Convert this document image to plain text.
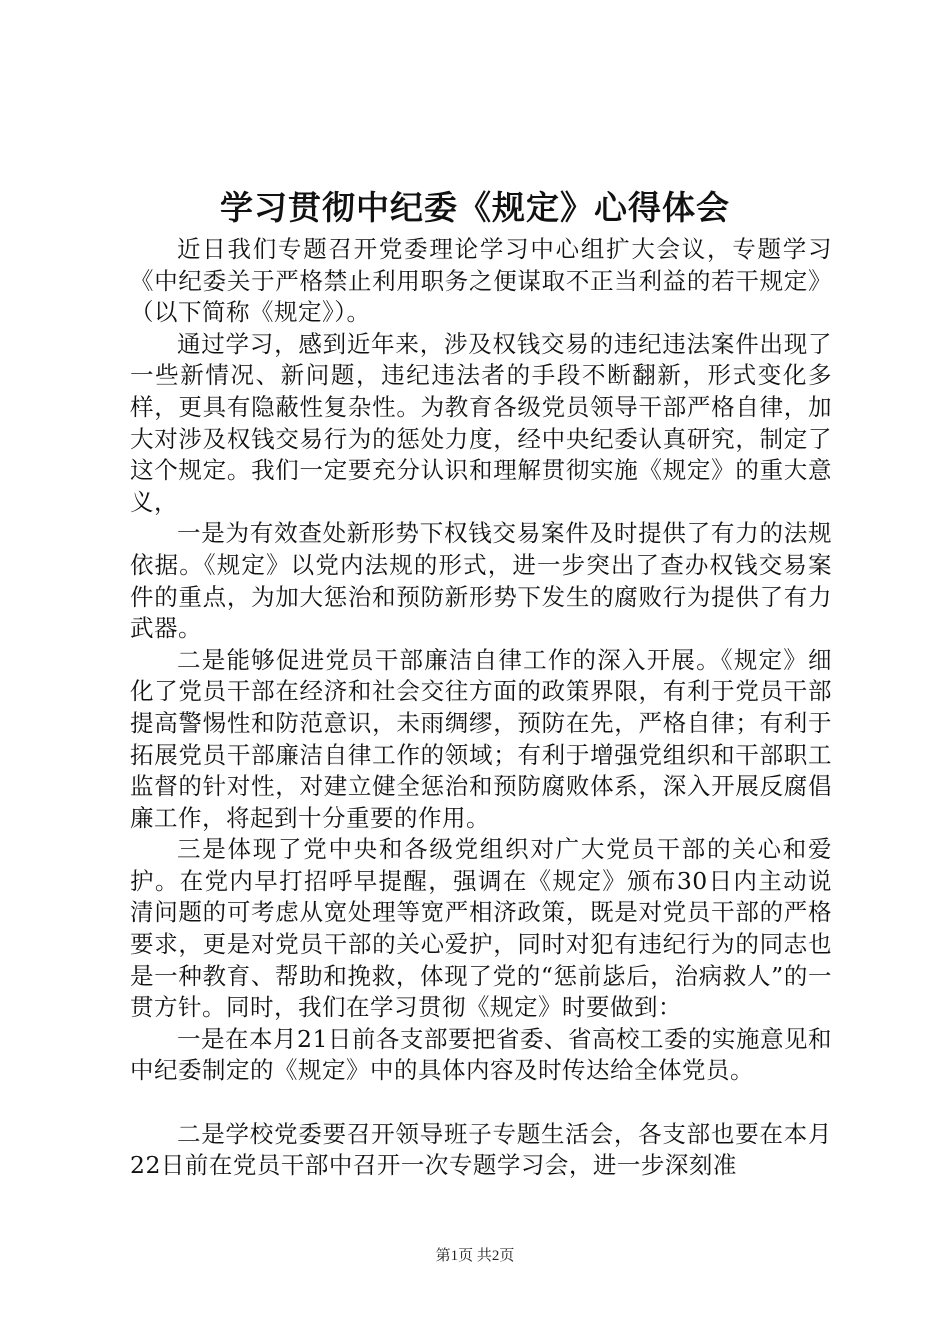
学习贯彻中纪委《规定》心得体会

近日我们专题召开党委理论学习中心组扩大会议，专题学习《中纪委关于严格禁止利用职务之便谋取不正当利益的若干规定》（以下简称《规定》）。

通过学习，感到近年来，涉及权钱交易的违纪违法案件出现了一些新情况、新问题，违纪违法者的手段不断翻新，形式变化多样，更具有隐蔽性复杂性。为教育各级党员领导干部严格自律，加大对涉及权钱交易行为的惩处力度，经中央纪委认真研究，制定了这个规定。我们一定要充分认识和理解贯彻实施《规定》的重大意义，

一是为有效查处新形势下权钱交易案件及时提供了有力的法规依据。《规定》以党内法规的形式，进一步突出了查办权钱交易案件的重点，为加大惩治和预防新形势下发生的腐败行为提供了有力武器。

二是能够促进党员干部廉洁自律工作的深入开展。《规定》细化了党员干部在经济和社会交往方面的政策界限，有利于党员干部提高警惕性和防范意识，未雨绸缪，预防在先，严格自律；有利于拓展党员干部廉洁自律工作的领域；有利于增强党组织和干部职工监督的针对性，对建立健全惩治和预防腐败体系，深入开展反腐倡廉工作，将起到十分重要的作用。

三是体现了党中央和各级党组织对广大党员干部的关心和爱护。在党内早打招呼早提醒，强调在《规定》颁布30日内主动说清问题的可考虑从宽处理等宽严相济政策，既是对党员干部的严格要求，更是对党员干部的关心爱护，同时对犯有违纪行为的同志也是一种教育、帮助和挽救，体现了党的“惩前毖后，治病救人”的一贯方针。同时，我们在学习贯彻《规定》时要做到：

一是在本月21日前各支部要把省委、省高校工委的实施意见和中纪委制定的《规定》中的具体内容及时传达给全体党员。

二是学校党委要召开领导班子专题生活会，各支部也要在本月22日前在党员干部中召开一次专题学习会，进一步深刻准

第1页 共2页
